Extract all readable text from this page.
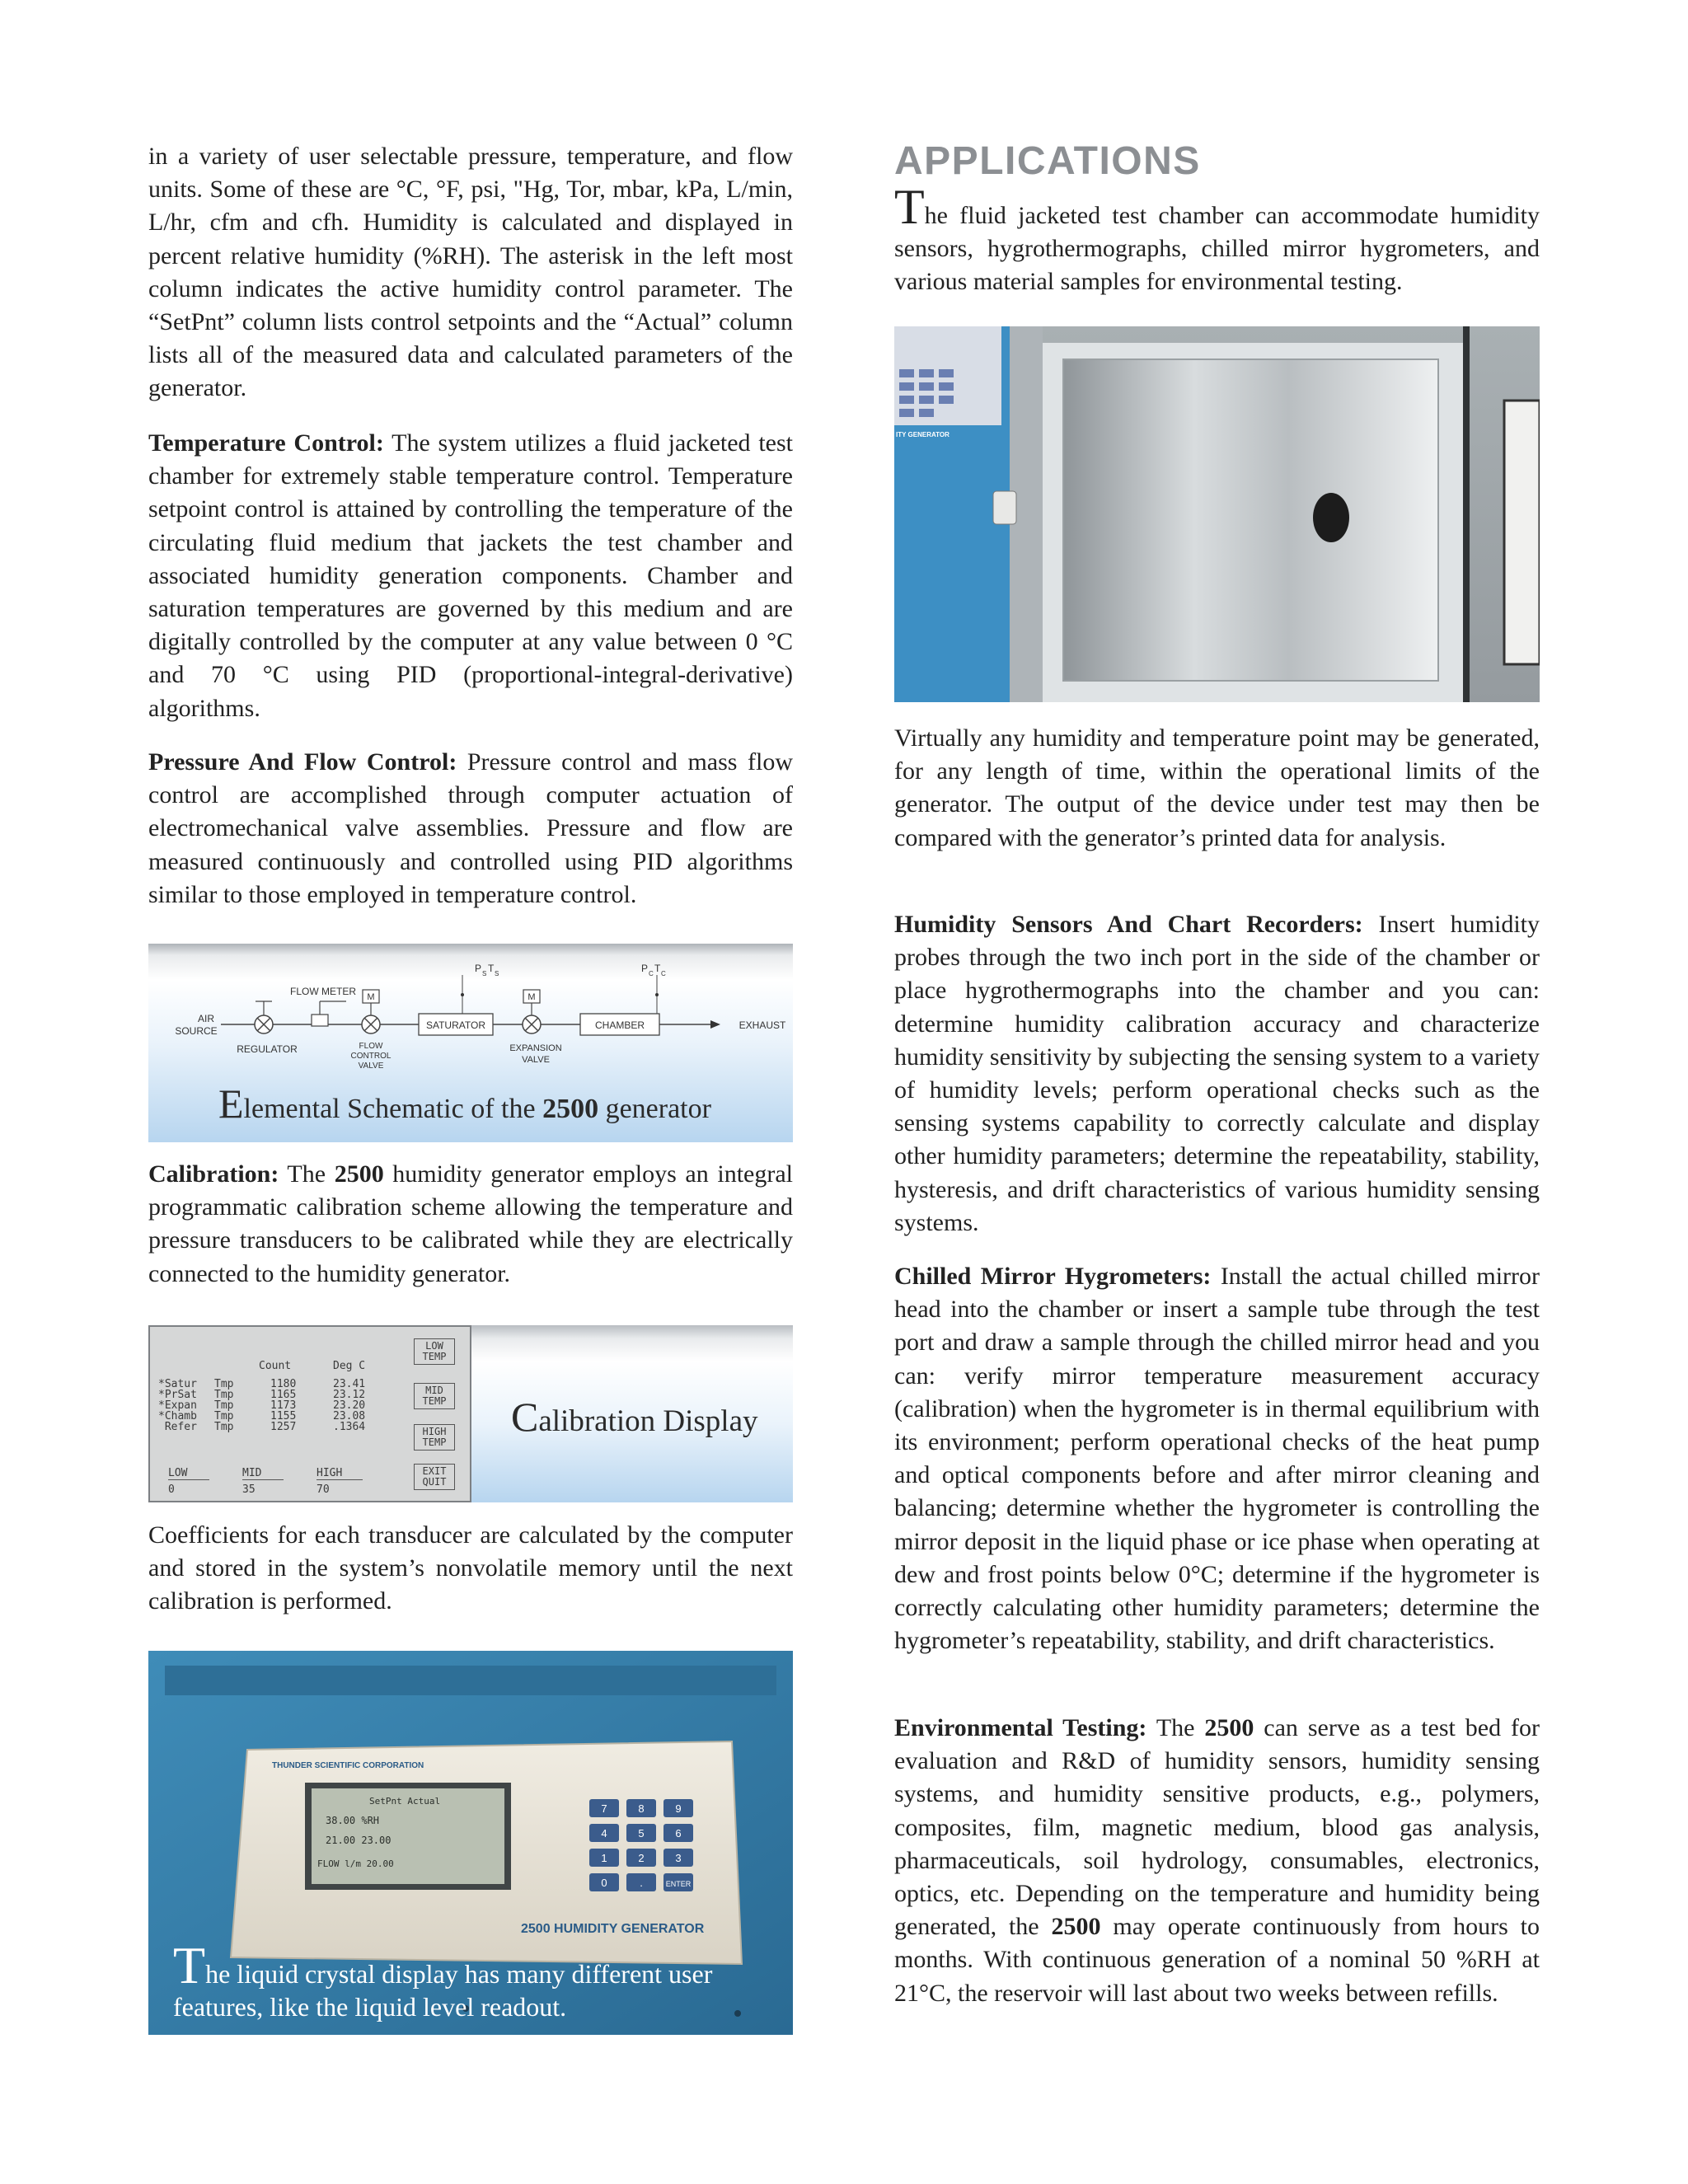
in a variety of user selectable pressure, temperature, and flow units. Some of these are °C, °F, psi, "Hg, Tor, mbar, kPa, L/min, L/hr, cfm and cfh. Humidity is calculated and displayed in percent relative humidity (%RH). The asterisk in the left most column indicates the active humidity control parameter. The “SetPnt” column lists control setpoints and the “Actual” column lists all of the measured data and calculated parameters of the generator.

Temperature Control: The system utilizes a fluid jacketed test chamber for extremely stable temperature control. Temperature setpoint control is attained by controlling the temperature of the circulating fluid medium that jackets the test chamber and associated humidity generation components. Chamber and saturation temperatures are governed by this medium and are digitally controlled by the computer at any value between 0 °C and 70 °C using PID (proportional-integral-derivative) algorithms.

Pressure And Flow Control: Pressure control and mass flow control are accomplished through computer actuation of electromechanical valve assemblies. Pressure and flow are measured continuously and controlled using PID algorithms similar to those employed in temperature control.

Calibration: The 2500 humidity generator employs an integral programmatic calibration scheme allowing the temperature and pressure transducers to be calibrated while they are electrically connected to the humidity generator.

Coefficients for each transducer are calculated by the computer and stored in the system’s nonvolatile memory until the next calibration is performed.

AIR
SOURCE
FLOW METER
REGULATOR	FLOW
CONTROL
VALVE
M
SATURATOR
M
EXPANSION
VALVE
CHAMBER	EXHAUST
P S T S	P C T C
Elemental Schematic of the 2500 generator
Count	Deg C
*Satur Tmp	1180	23.41
*PrSat Tmp	1165	23.12
*Expan Tmp	1173	23.20
*Chamb Tmp	1155	23.08
Refer Tmp	1257	.1364
LOW
TEMP
MID
TEMP
HIGH
TEMP
EXIT
QUIT
LOW	MID	HIGH
0	35	70
Calibration Display
THUNDER SCIENTIFIC CORPORATION
2500 HUMIDITY GENERATOR
SetPnt Actual
38.00 %RH
21.00 23.00
FLOW l/m 20.00
7	8	9
4	5	6
1	2	3
0	.	ENTER
The liquid crystal display has many different user features, like the liquid level readout.
APPLICATIONS

The fluid jacketed test chamber can accommodate humidity sensors, hygrothermographs, chilled mirror hygrometers, and various material samples for environmental testing.

Virtually any humidity and temperature point may be generated, for any length of time, within the operational limits of the generator. The output of the device under test may then be compared with the generator’s printed data for analysis.

Humidity Sensors And Chart Recorders: Insert humidity probes through the two inch port in the side of the chamber or place hygrothermographs into the chamber and you can: determine humidity calibration accuracy and characterize humidity sensitivity by subjecting the sensing system to a variety of humidity levels; perform operational checks such as the sensing systems capability to correctly calculate and display other humidity parameters; determine the repeatability, stability, hysteresis, and drift characteristics of various humidity sensing systems.

Chilled Mirror Hygrometers: Install the actual chilled mirror head into the chamber or insert a sample tube through the test port and draw a sample through the chilled mirror head and you can: verify mirror temperature measurement accuracy (calibration) when the hygrometer is in thermal equilibrium with its environment; perform operational checks of the heat pump and optical components before and after mirror cleaning and balancing; determine whether the hygrometer is controlling the mirror deposit in the liquid phase or ice phase when operating at dew and frost points below 0°C; determine if the hygrometer is correctly calculating other humidity parameters; determine the hygrometer’s repeatability, stability, and drift characteristics.

Environmental Testing: The 2500 can serve as a test bed for evaluation and R&D of humidity sensors, humidity sensing systems, and humidity sensitive products, e.g., polymers, composites, film, magnetic medium, blood gas analysis, pharmaceuticals, soil hydrology, consumables, electronics, optics, etc. Depending on the temperature and humidity being generated, the 2500 may operate continuously from hours to months. With continuous generation of a nominal 50 %RH at 21°C, the reservoir will last about two weeks between refills.

ITY GENERATOR
